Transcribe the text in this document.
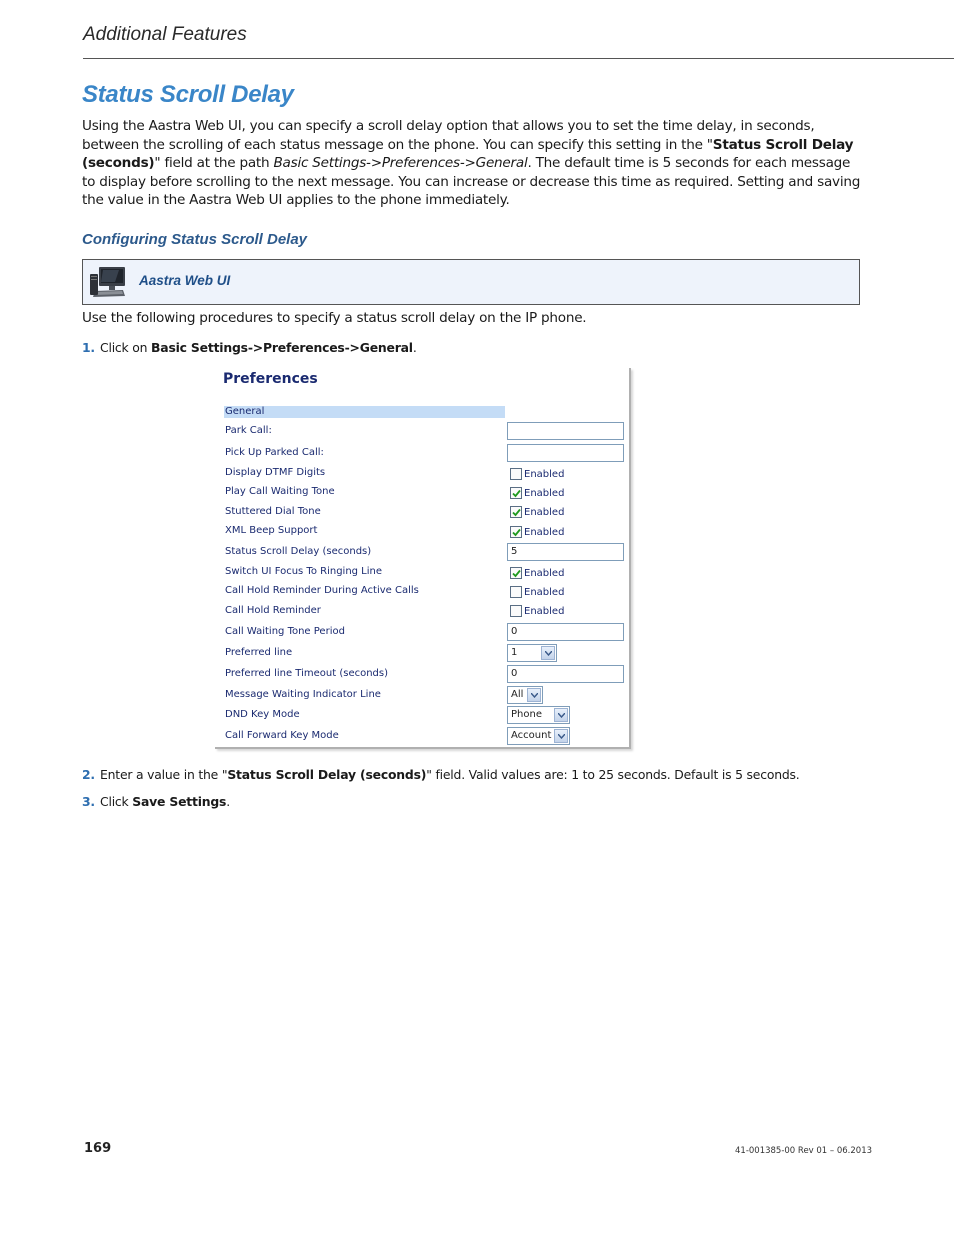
Additional Features
Status Scroll Delay

Using the Aastra Web UI, you can specify a scroll delay option that allows you to set the time delay, in seconds, between the scrolling of each status message on the phone. You can specify this setting in the "Status Scroll Delay (seconds)" field at the path Basic Settings->Preferences->General. The default time is 5 seconds for each message to display before scrolling to the next message. You can increase or decrease this time as required. Setting and saving the value in the Aastra Web UI applies to the phone immediately.

Configuring Status Scroll Delay
Aastra Web UI

Use the following procedures to specify a status scroll delay on the IP phone.

1. Click on Basic Settings->Preferences->General.
Preferences
General
Park Call:
Pick Up Parked Call:
Display DTMF Digits	Enabled
Play Call Waiting Tone	Enabled
Stuttered Dial Tone	Enabled
XML Beep Support	Enabled
Status Scroll Delay (seconds)	5
Switch UI Focus To Ringing Line	Enabled
Call Hold Reminder During Active Calls	Enabled
Call Hold Reminder	Enabled
Call Waiting Tone Period	0
Preferred line	1
Preferred line Timeout (seconds)	0
Message Waiting Indicator Line	All
DND Key Mode	Phone
Call Forward Key Mode	Account
2. Enter a value in the "Status Scroll Delay (seconds)" field. Valid values are: 1 to 25 seconds. Default is 5 seconds.
3. Click Save Settings.
169	41-001385-00 Rev 01 – 06.2013
